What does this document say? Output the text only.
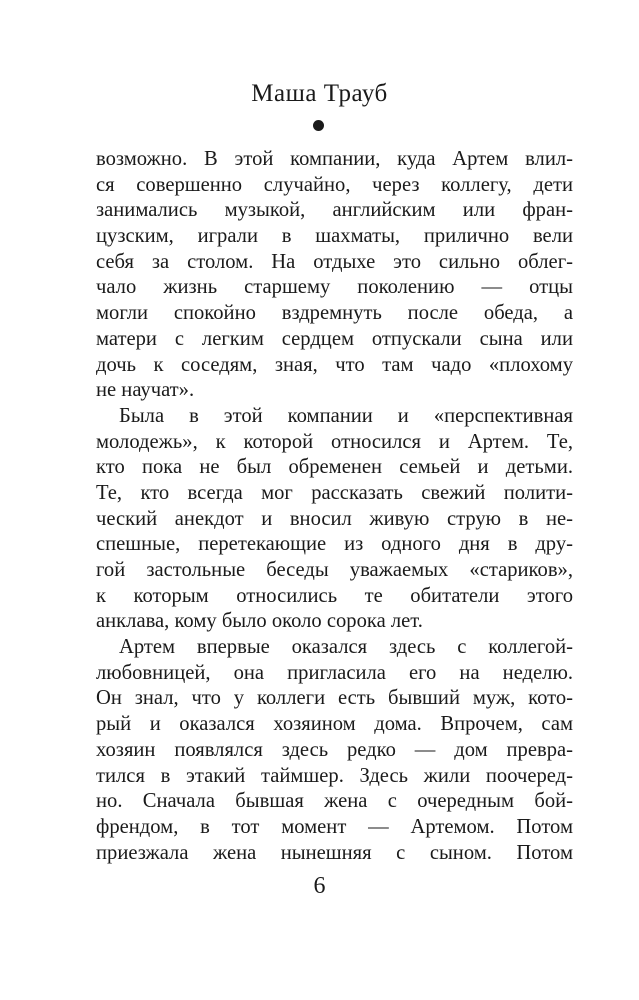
Маша Трауб
возможно. В этой компании, куда Артем влил-
ся совершенно случайно, через коллегу, дети
занимались музыкой, английским или фран-
цузским, играли в шахматы, прилично вели
себя за столом. На отдыхе это сильно облег-
чало жизнь старшему поколению — отцы
могли спокойно вздремнуть после обеда, а
матери с легким сердцем отпускали сына или
дочь к соседям, зная, что там чадо «плохому
не научат».
Была в этой компании и «перспективная
молодежь», к которой относился и Артем. Те,
кто пока не был обременен семьей и детьми.
Те, кто всегда мог рассказать свежий полити-
ческий анекдот и вносил живую струю в не-
спешные, перетекающие из одного дня в дру-
гой застольные беседы уважаемых «стариков»,
к которым относились те обитатели этого
анклава, кому было около сорока лет.
Артем впервые оказался здесь с коллегой-
любовницей, она пригласила его на неделю.
Он знал, что у коллеги есть бывший муж, кото-
рый и оказался хозяином дома. Впрочем, сам
хозяин появлялся здесь редко — дом превра-
тился в этакий таймшер. Здесь жили поочеред-
но. Сначала бывшая жена с очередным бой-
френдом, в тот момент — Артемом. Потом
приезжала жена нынешняя с сыном. Потом
6
